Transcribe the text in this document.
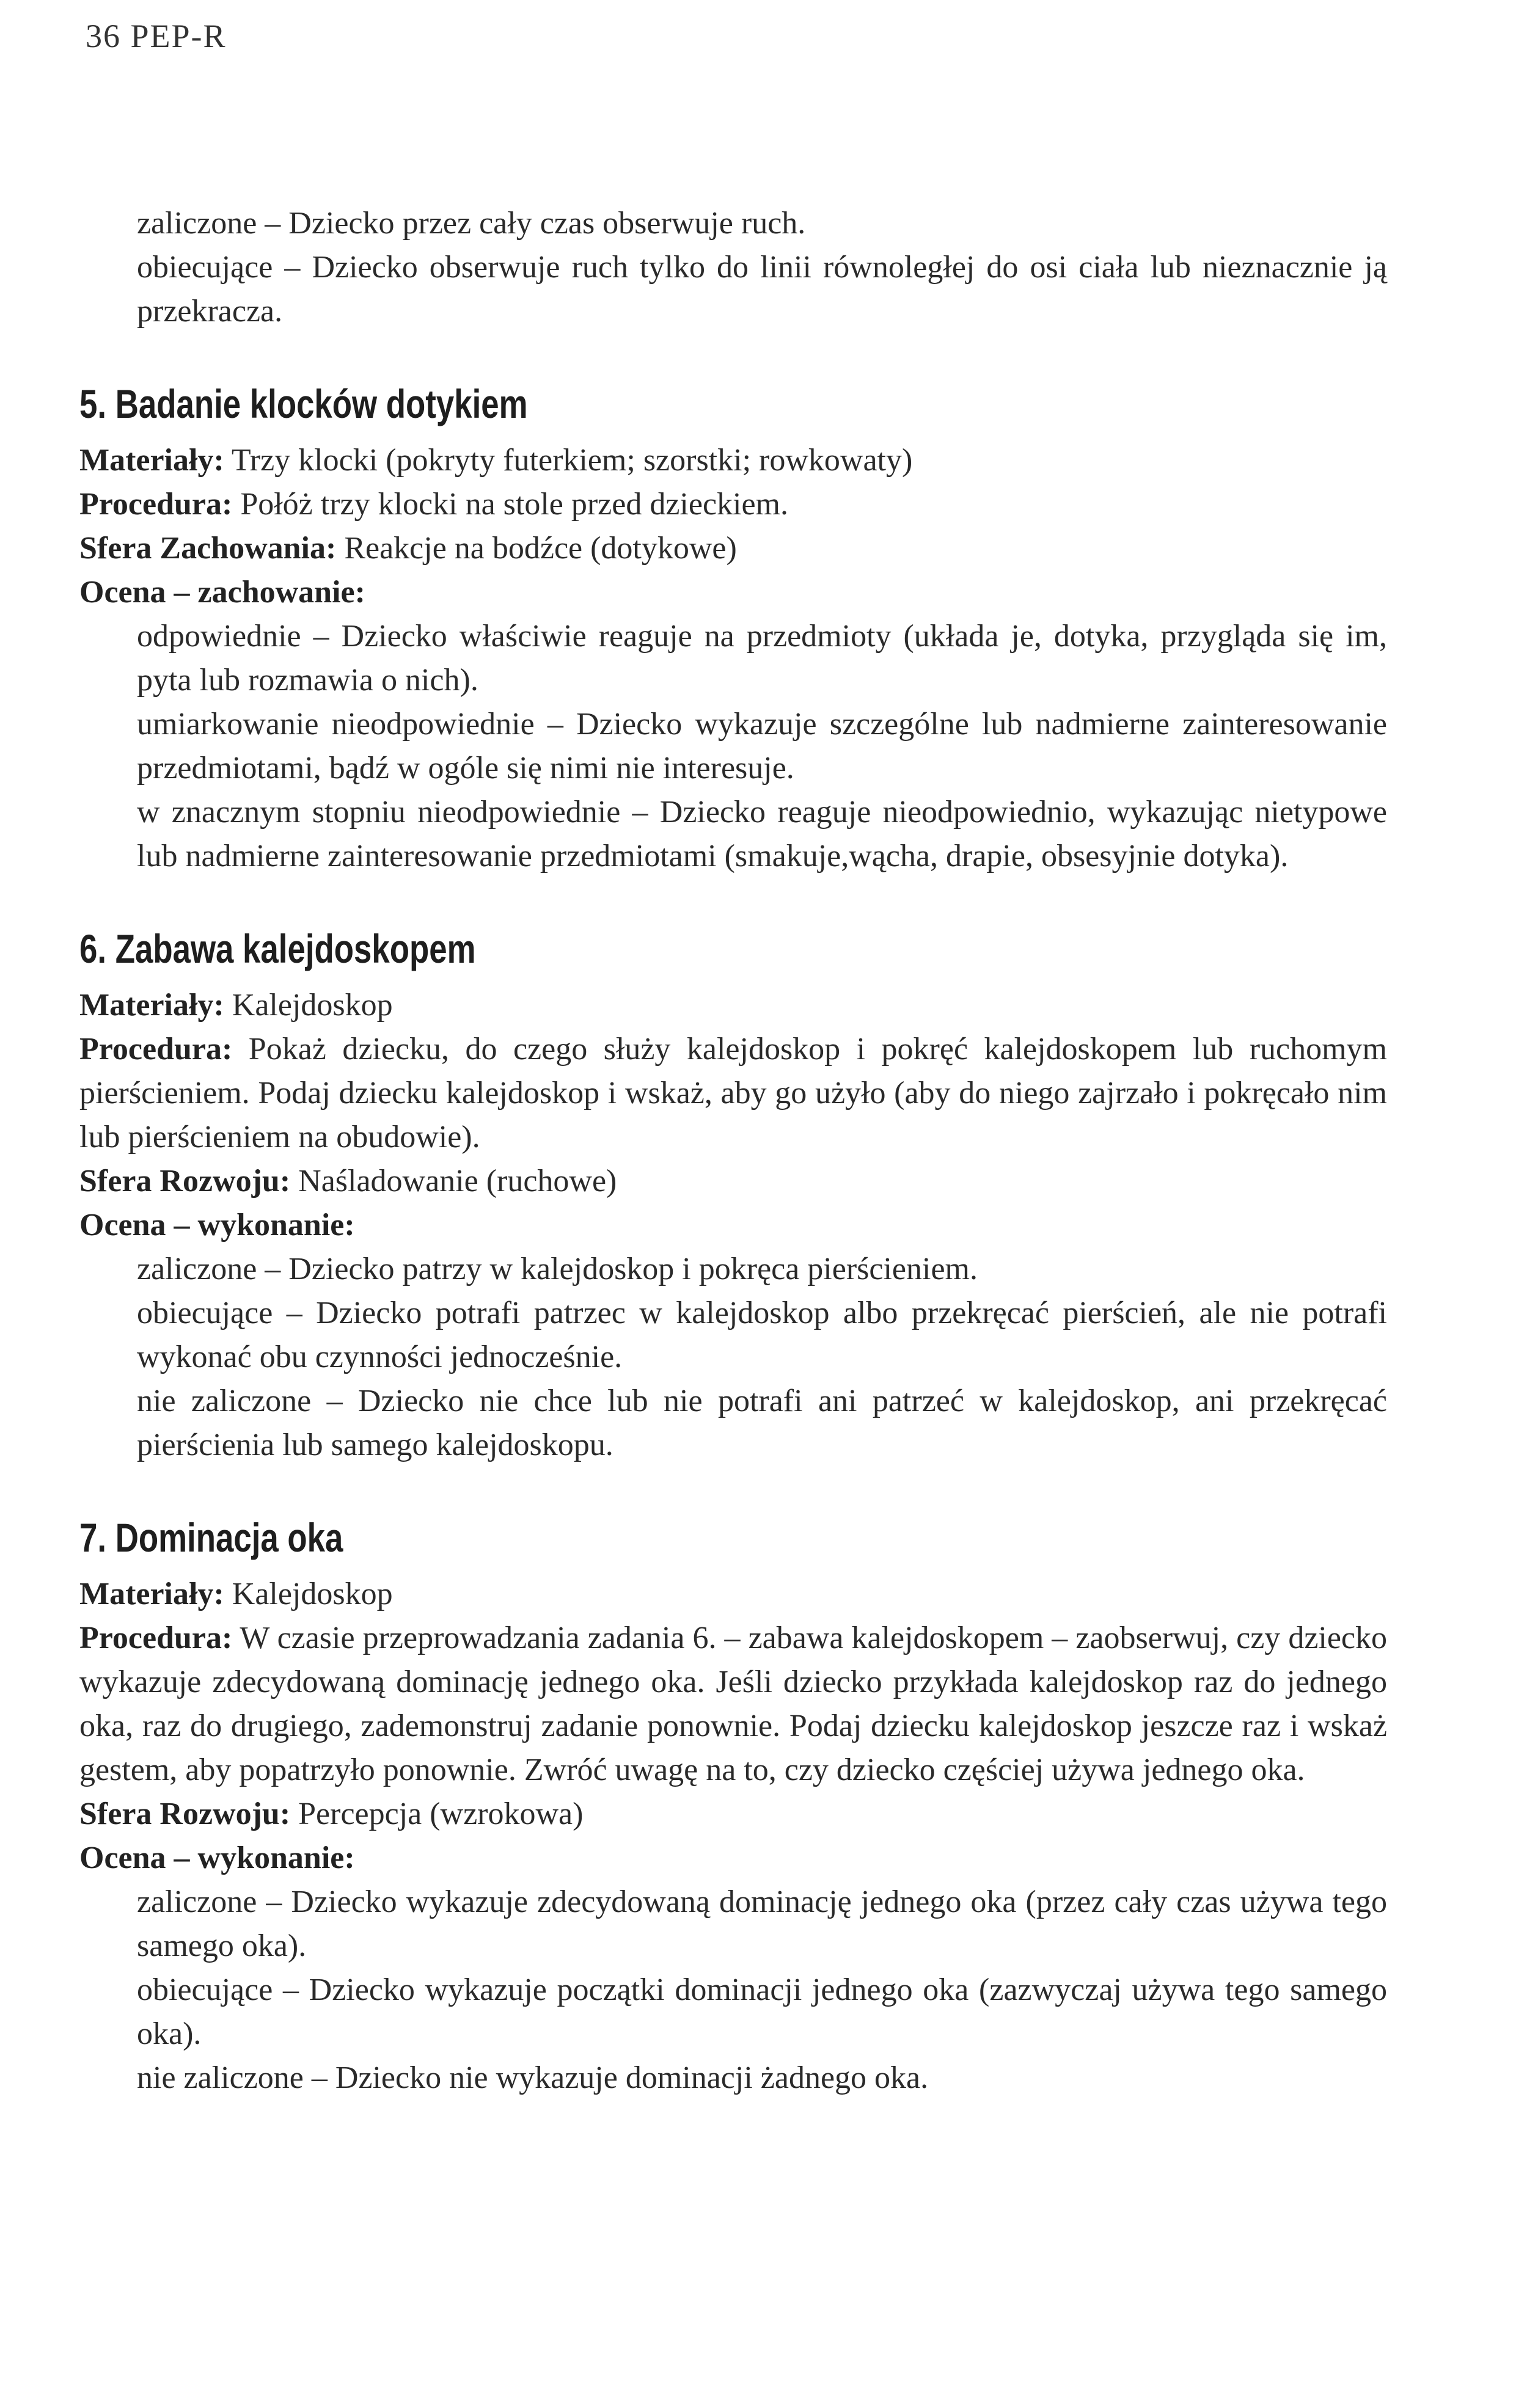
36 PEP-R

zaliczone – Dziecko przez cały czas obserwuje ruch.

obiecujące – Dziecko obserwuje ruch tylko do linii równoległej do osi ciała lub nieznacznie ją przekracza.

5. Badanie klocków dotykiem

Materiały: Trzy klocki (pokryty futerkiem; szorstki; rowkowaty)

Procedura: Połóż trzy klocki na stole przed dzieckiem.

Sfera Zachowania: Reakcje na bodźce (dotykowe)

Ocena – zachowanie:

odpowiednie – Dziecko właściwie reaguje na przedmioty (układa je, dotyka, przygląda się im, pyta lub rozmawia o nich).

umiarkowanie nieodpowiednie – Dziecko wykazuje szczególne lub nadmierne zainteresowanie przedmiotami, bądź w ogóle się nimi nie interesuje.

w znacznym stopniu nieodpowiednie – Dziecko reaguje nieodpowiednio, wykazując nietypowe lub nadmierne zainteresowanie przedmiotami (smakuje,wącha, drapie, obsesyjnie dotyka).

6. Zabawa kalejdoskopem

Materiały: Kalejdoskop

Procedura: Pokaż dziecku, do czego służy kalejdoskop i pokręć kalejdoskopem lub ruchomym pierścieniem. Podaj dziecku kalejdoskop i wskaż, aby go użyło (aby do niego zajrzało i pokręcało nim lub pierścieniem na obudowie).

Sfera Rozwoju: Naśladowanie (ruchowe)

Ocena – wykonanie:

zaliczone – Dziecko patrzy w kalejdoskop i pokręca pierścieniem.

obiecujące – Dziecko potrafi patrzec w kalejdoskop albo przekręcać pierścień, ale nie potrafi wykonać obu czynności jednocześnie.

nie zaliczone – Dziecko nie chce lub nie potrafi ani patrzeć w kalejdoskop, ani przekręcać pierścienia lub samego kalejdoskopu.

7. Dominacja oka

Materiały: Kalejdoskop

Procedura: W czasie przeprowadzania zadania 6. – zabawa kalejdoskopem – zaobserwuj, czy dziecko wykazuje zdecydowaną dominację jednego oka. Jeśli dziecko przykłada kalejdoskop raz do jednego oka, raz do drugiego, zademonstruj zadanie ponownie. Podaj dziecku kalejdoskop jeszcze raz i wskaż gestem, aby popatrzyło ponownie. Zwróć uwagę na to, czy dziecko częściej używa jednego oka.

Sfera Rozwoju: Percepcja (wzrokowa)

Ocena – wykonanie:

zaliczone – Dziecko wykazuje zdecydowaną dominację jednego oka (przez cały czas używa tego samego oka).

obiecujące – Dziecko wykazuje początki dominacji jednego oka (zazwyczaj używa tego samego oka).

nie zaliczone – Dziecko nie wykazuje dominacji żadnego oka.
